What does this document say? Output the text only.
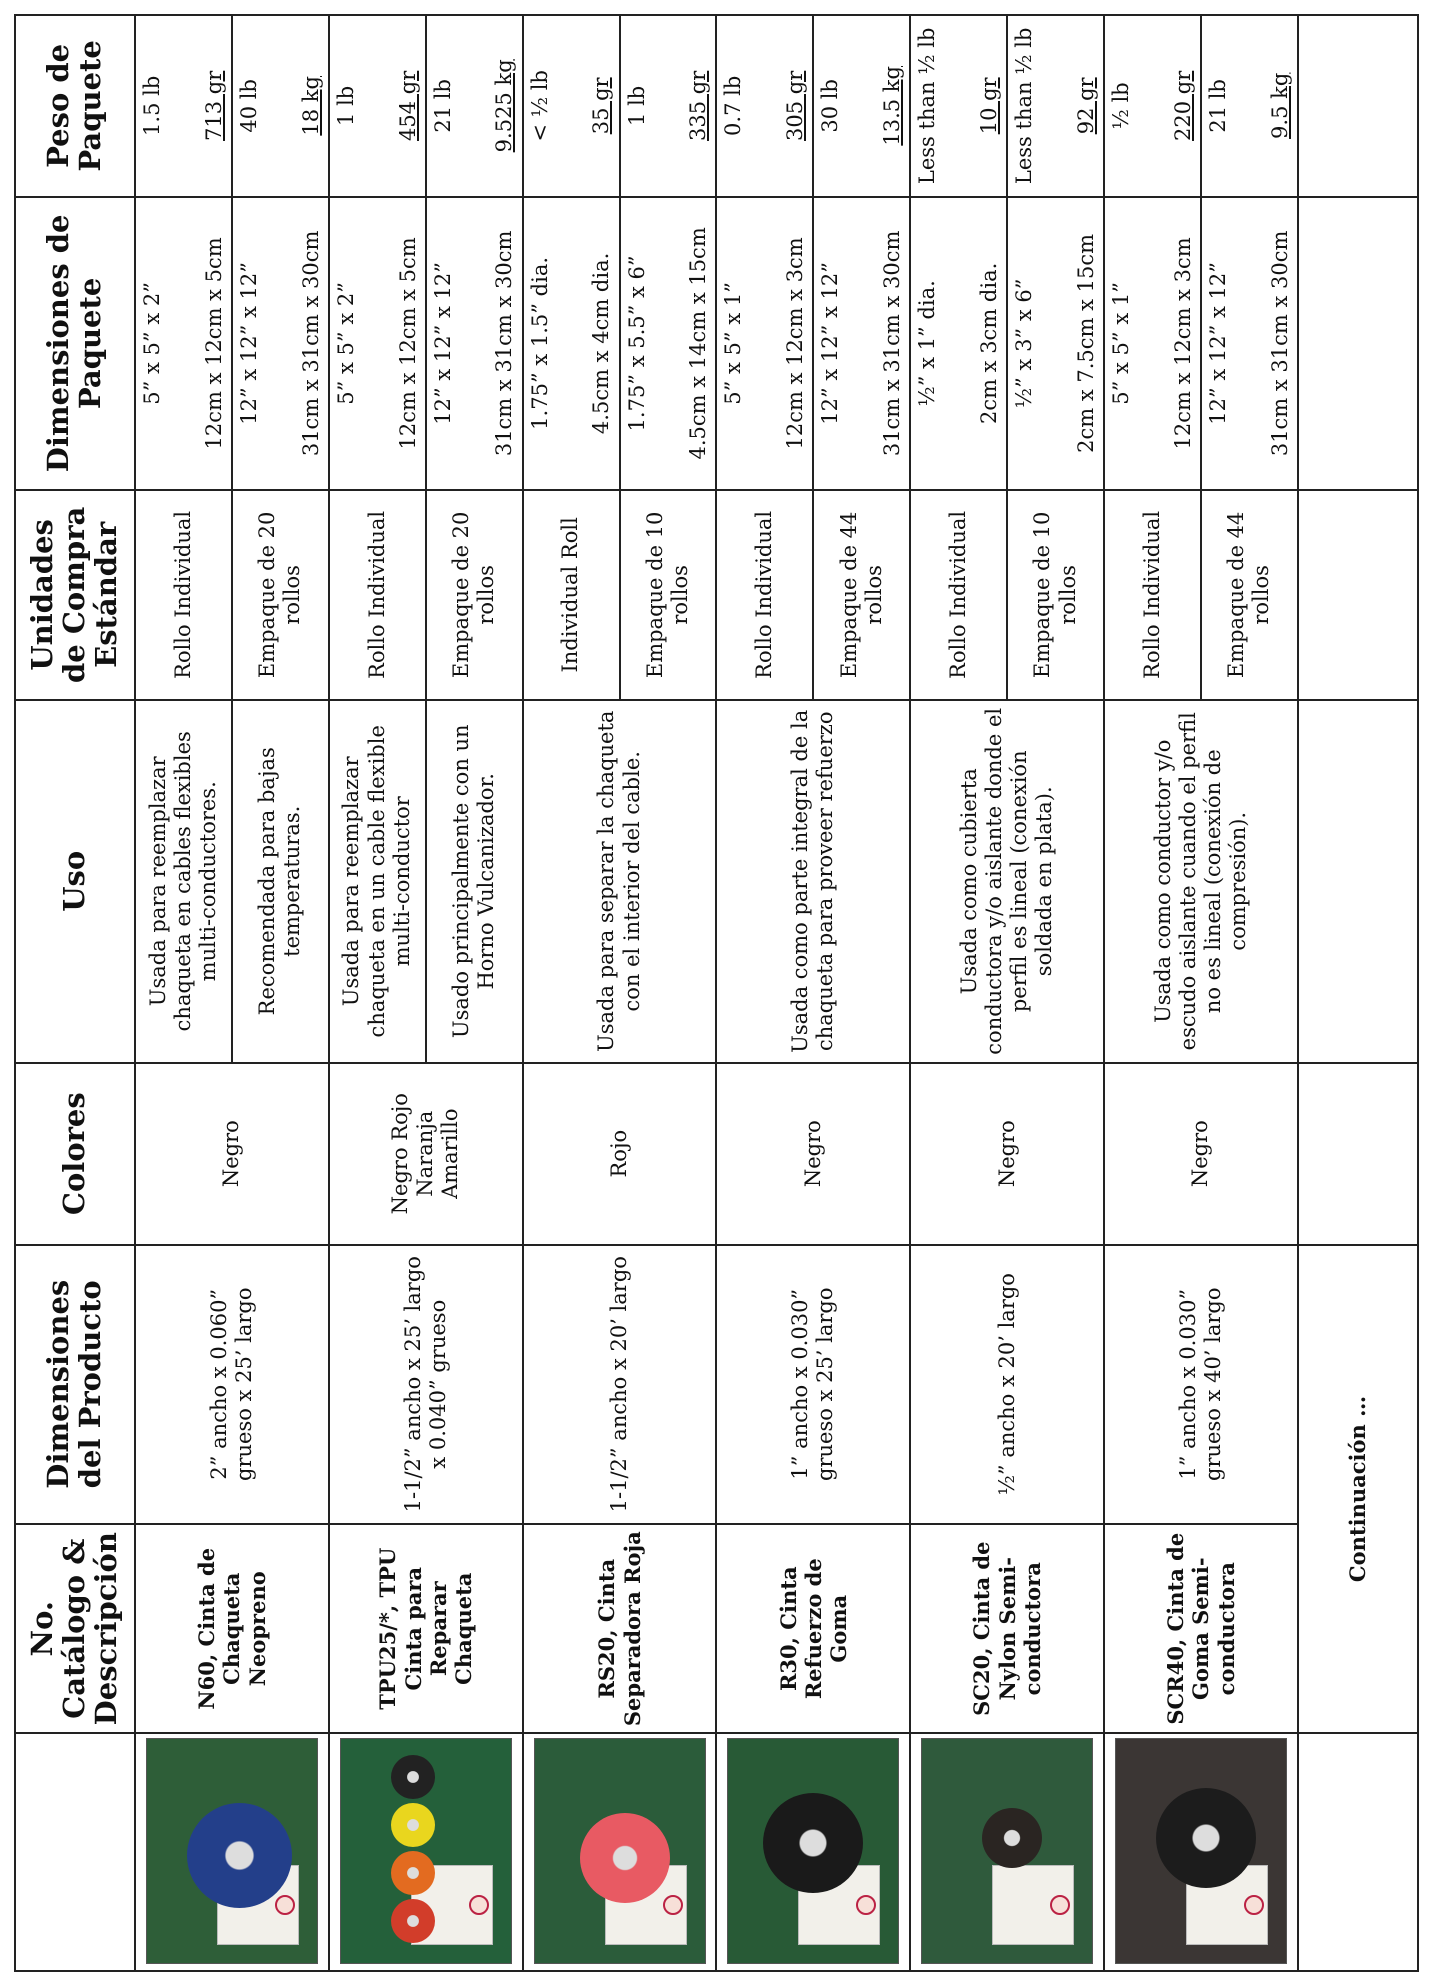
	No. Catálogo & Descripción	Dimensiones del Producto	Colores	Uso	Unidades de Compra Estándar	Dimensiones de Paquete	Peso de Paquete

	N60, Cinta de Chaqueta Neopreno	2” ancho x 0.060” grueso x 25’ largo	Negro	Usada para reemplazar chaqueta en cables flexibles multi-conductores.	Rollo Individual	5” x 5” x 2” 12cm x 12cm x 5cm	1.5 lb 713 gr

				Recomendada para bajas temperaturas.	Empaque de 20 rollos	12” x 12” x 12” 31cm x 31cm x 30cm	40 lb 18 kg

	TPU25/*, TPU Cinta para Reparar Chaqueta	1-1/2” ancho x 25’ largo x 0.040” grueso	Negro Rojo Naranja Amarillo	Usada para reemplazar chaqueta en un cable flexible multi-conductor	Rollo Individual	5” x 5” x 2” 12cm x 12cm x 5cm	1 lb 454 gr

				Usado principalmente con un Horno Vulcanizador.	Empaque de 20 rollos	12” x 12” x 12” 31cm x 31cm x 30cm	21 lb 9.525 kg

	RS20, Cinta Separadora Roja	1-1/2” ancho x 20’ largo	Rojo	Usada para separar la chaqueta con el interior del cable.	Individual Roll	1.75” x 1.5” dia. 4.5cm x 4cm dia.	< ½ lb 35 gr

					Empaque de 10 rollos	1.75” x 5.5” x 6” 4.5cm x 14cm x 15cm	1 lb 335 gr

	R30, Cinta Refuerzo de Goma	1” ancho x 0.030” grueso x 25’ largo	Negro	Usada como parte integral de la chaqueta para proveer refuerzo	Rollo Individual	5” x 5” x 1” 12cm x 12cm x 3cm	0.7 lb 305 gr

					Empaque de 44 rollos	12” x 12” x 12” 31cm x 31cm x 30cm	30 lb 13.5 kg

	SC20, Cinta de Nylon Semi-conductora	½” ancho x 20’ largo	Negro	Usada como cubierta conductora y/o aislante donde el perfil es lineal (conexión soldada en plata).	Rollo Individual	½” x 1” dia. 2cm x 3cm dia.	Less than ½ lb 10 gr

					Empaque de 10 rollos	½” x 3” x 6” 2cm x 7.5cm x 15cm	Less than ½ lb 92 gr

	SCR40, Cinta de Goma Semi-conductora	1” ancho x 0.030” grueso x 40’ largo	Negro	Usada como conductor y/o escudo aislante cuando el perfil no es lineal (conexión de compresión).	Rollo Individual	5” x 5” x 1” 12cm x 12cm x 3cm	½ lb 220 gr

					Empaque de 44 rollos	12” x 12” x 12” 31cm x 31cm x 30cm	21 lb 9.5 kg

	Continuación …						
